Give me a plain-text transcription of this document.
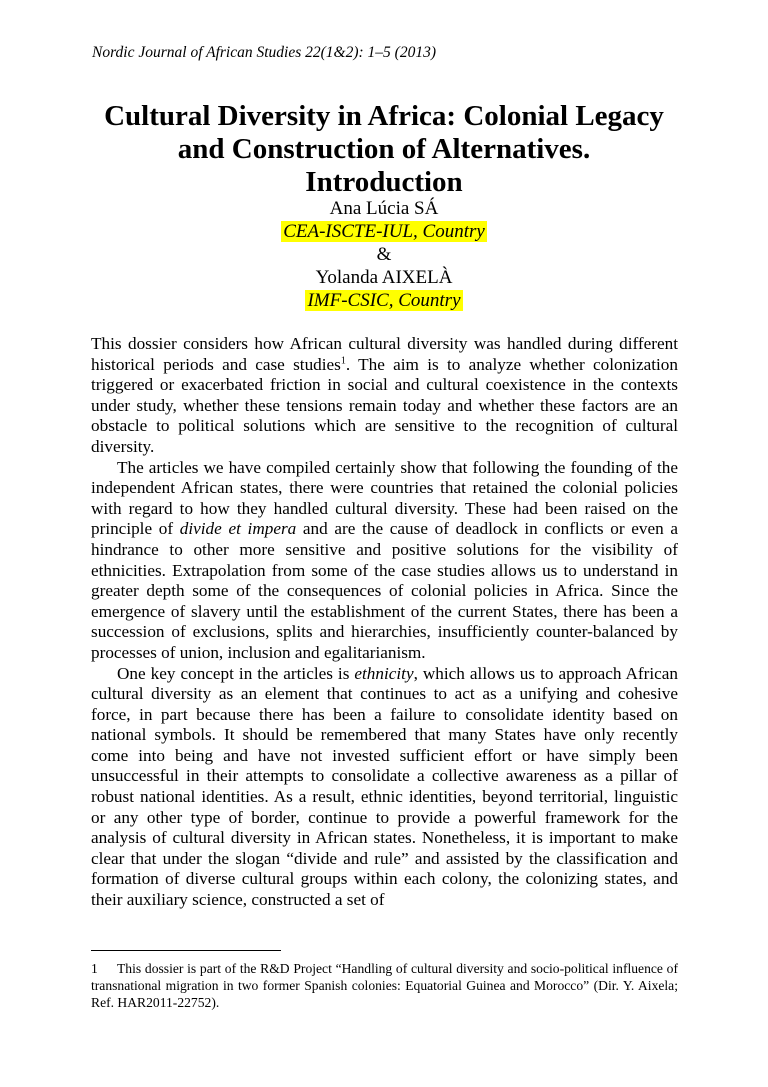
Nordic Journal of African Studies 22(1&2): 1–5 (2013)
Cultural Diversity in Africa: Colonial Legacy
and Construction of Alternatives.
Introduction
Ana Lúcia SÁ
CEA-ISCTE-IUL, Country
&
Yolanda AIXELÀ
IMF-CSIC, Country

This dossier considers how African cultural diversity was handled during different historical periods and case studies$^1$. The aim is to analyze whether colonization triggered or exacerbated friction in social and cultural coexistence in the contexts under study, whether these tensions remain today and whether these factors are an obstacle to political solutions which are sensitive to the recognition of cultural diversity.

The articles we have compiled certainly show that following the founding of the independent African states, there were countries that retained the colonial policies with regard to how they handled cultural diversity. These had been raised on the principle of divide et impera and are the cause of deadlock in conflicts or even a hindrance to other more sensitive and positive solutions for the visibility of ethnicities. Extrapolation from some of the case studies allows us to understand in greater depth some of the consequences of colonial policies in Africa. Since the emergence of slavery until the establishment of the current States, there has been a succession of exclusions, splits and hierarchies, insufficiently counter-balanced by processes of union, inclusion and egalitarianism.

One key concept in the articles is ethnicity, which allows us to approach African cultural diversity as an element that continues to act as a unifying and cohesive force, in part because there has been a failure to consolidate identity based on national symbols. It should be remembered that many States have only recently come into being and have not invested sufficient effort or have simply been unsuccessful in their attempts to consolidate a collective awareness as a pillar of robust national identities. As a result, ethnic identities, beyond territorial, linguistic or any other type of border, continue to provide a powerful framework for the analysis of cultural diversity in African states. Nonetheless, it is important to make clear that under the slogan “divide and rule” and assisted by the classification and formation of diverse cultural groups within each colony, the colonizing states, and their auxiliary science, constructed a set of

1 This dossier is part of the R&D Project “Handling of cultural diversity and socio-political influence of transnational migration in two former Spanish colonies: Equatorial Guinea and Morocco” (Dir. Y. Aixela; Ref. HAR2011-22752).
